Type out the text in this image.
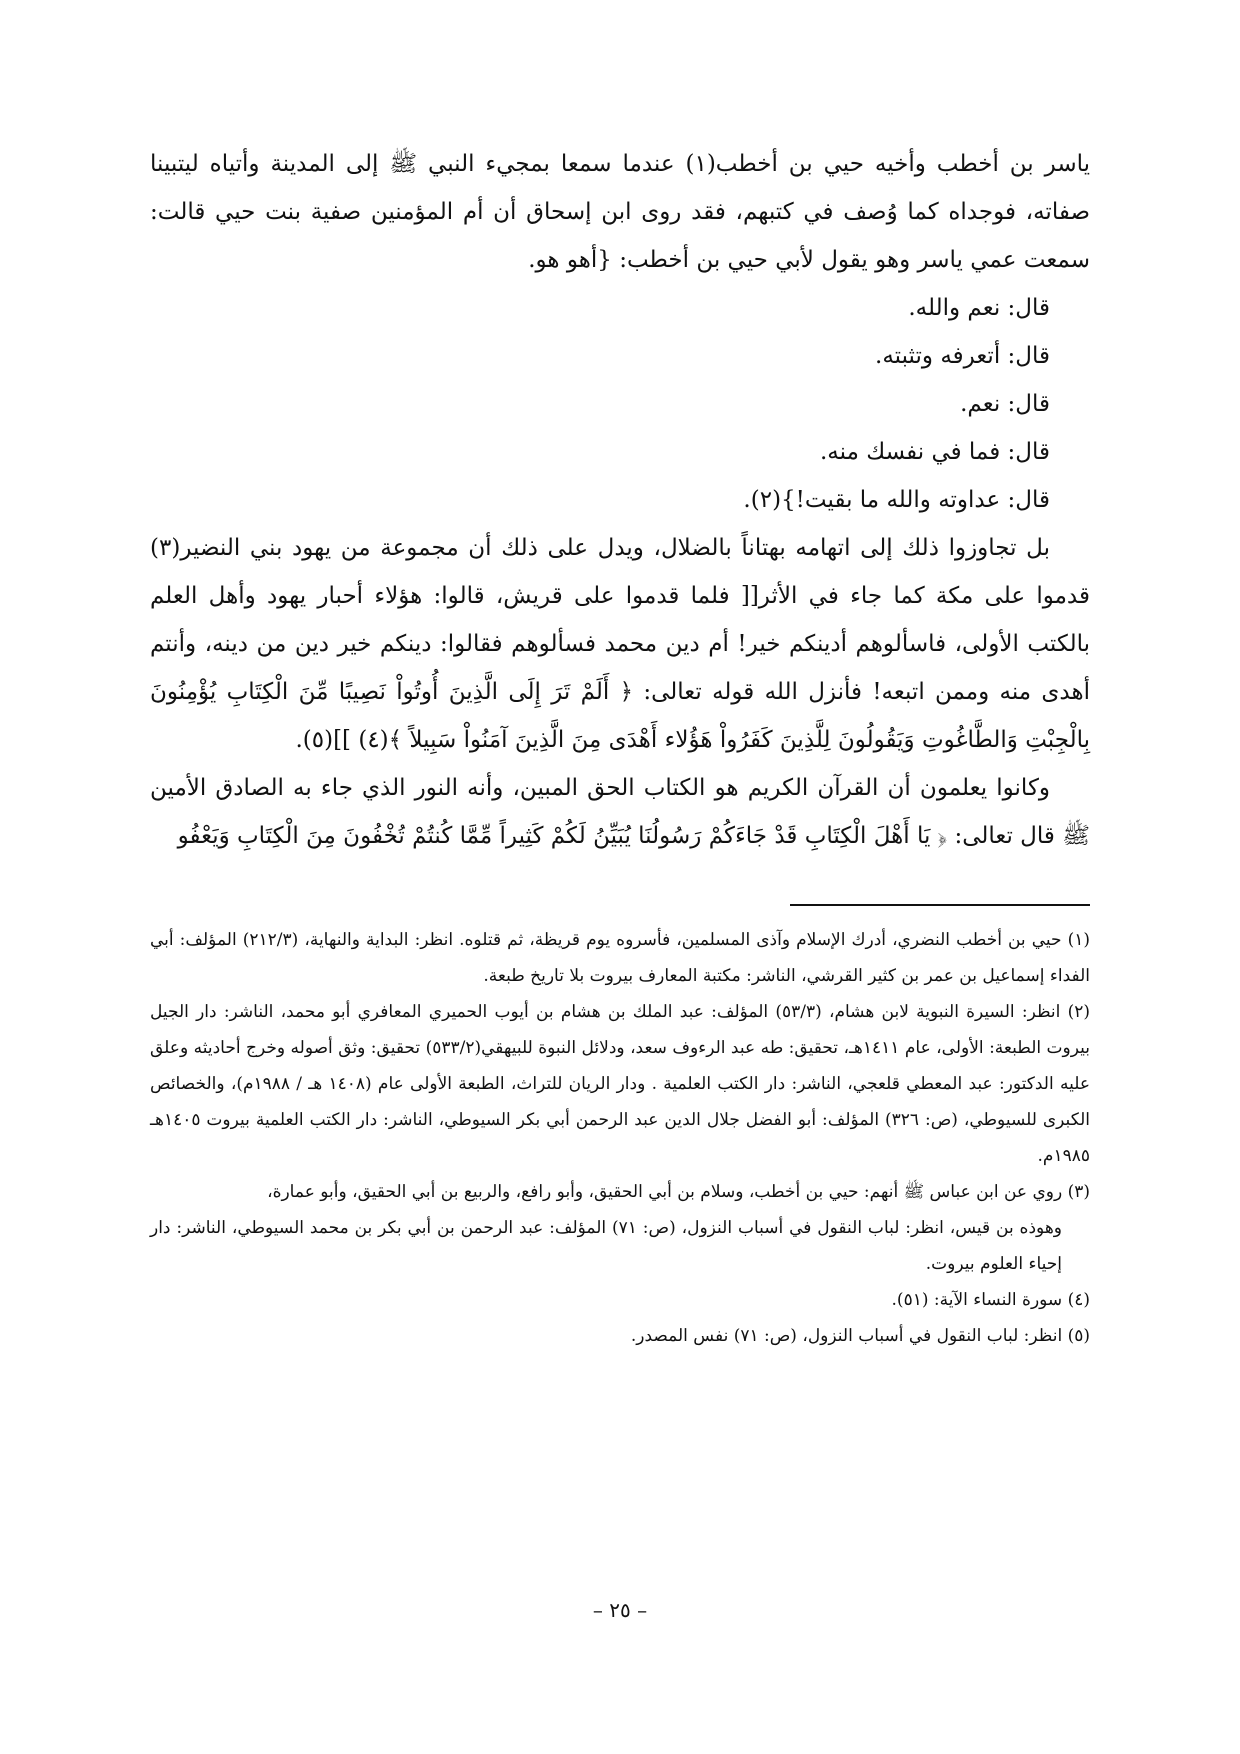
ياسر بن أخطب وأخيه حيي بن أخطب(١) عندما سمعا بمجيء النبي ﷺ إلى المدينة وأتياه ليتبينا صفاته، فوجداه كما وُصف في كتبهم، فقد روى ابن إسحاق أن أم المؤمنين صفية بنت حيي قالت: سمعت عمي ياسر وهو يقول لأبي حيي بن أخطب: {أهو هو.

قال: نعم والله.

قال: أتعرفه وتثبته.

قال: نعم.

قال: فما في نفسك منه.

قال: عداوته والله ما بقيت!}(٢).

بل تجاوزوا ذلك إلى اتهامه بهتاناً بالضلال، ويدل على ذلك أن مجموعة من يهود بني النضير(٣) قدموا على مكة كما جاء في الأثر[[ فلما قدموا على قريش، قالوا: هؤلاء أحبار يهود وأهل العلم بالكتب الأولى، فاسألوهم أدينكم خير! أم دين محمد فسألوهم فقالوا: دينكم خير دين من دينه، وأنتم أهدى منه وممن اتبعه! فأنزل الله قوله تعالى: ﴿ أَلَمْ تَرَ إِلَى الَّذِينَ أُوتُواْ نَصِيبًا مِّنَ الْكِتَابِ يُؤْمِنُونَ بِالْجِبْتِ وَالطَّاغُوتِ وَيَقُولُونَ لِلَّذِينَ كَفَرُواْ هَؤُلاء أَهْدَى مِنَ الَّذِينَ آمَنُواْ سَبِيلاً ﴾(٤) ]](٥).

وكانوا يعلمون أن القرآن الكريم هو الكتاب الحق المبين، وأنه النور الذي جاء به الصادق الأمين ﷺ قال تعالى: ﴿ يَا أَهْلَ الْكِتَابِ قَدْ جَاءَكُمْ رَسُولُنَا يُبَيِّنُ لَكُمْ كَثِيراً مِّمَّا كُنتُمْ تُخْفُونَ مِنَ الْكِتَابِ وَيَعْفُو

(١) حيي بن أخطب النضري، أدرك الإسلام وآذى المسلمين، فأسروه يوم قريظة، ثم قتلوه. انظر: البداية والنهاية، (٢١٢/٣) المؤلف: أبي الفداء إسماعيل بن عمر بن كثير القرشي، الناشر: مكتبة المعارف بيروت بلا تاريخ طبعة.

(٢) انظر: السيرة النبوية لابن هشام، (٥٣/٣) المؤلف: عبد الملك بن هشام بن أيوب الحميري المعافري أبو محمد، الناشر: دار الجيل بيروت الطبعة: الأولى، عام ١٤١١هـ، تحقيق: طه عبد الرءوف سعد، ودلائل النبوة للبيهقي(٥٣٣/٢) تحقيق: وثق أصوله وخرج أحاديثه وعلق عليه الدكتور: عبد المعطي قلعجي، الناشر: دار الكتب العلمية . ودار الريان للتراث، الطبعة الأولى عام (١٤٠٨ هـ / ١٩٨٨م)، والخصائص الكبرى للسيوطي، (ص: ٣٢٦) المؤلف: أبو الفضل جلال الدين عبد الرحمن أبي بكر السيوطي، الناشر: دار الكتب العلمية بيروت ١٤٠٥هـ ١٩٨٥م.

(٣) روي عن ابن عباس ﷺ أنهم: حيي بن أخطب، وسلام بن أبي الحقيق، وأبو رافع، والربيع بن أبي الحقيق، وأبو عمارة،

وهوذه بن قيس، انظر: لباب النقول في أسباب النزول، (ص: ٧١) المؤلف: عبد الرحمن بن أبي بكر بن محمد السيوطي، الناشر: دار إحياء العلوم بيروت.

(٤) سورة النساء الآية: (٥١).

(٥) انظر: لباب النقول في أسباب النزول، (ص: ٧١) نفس المصدر.

– ٢٥ –
